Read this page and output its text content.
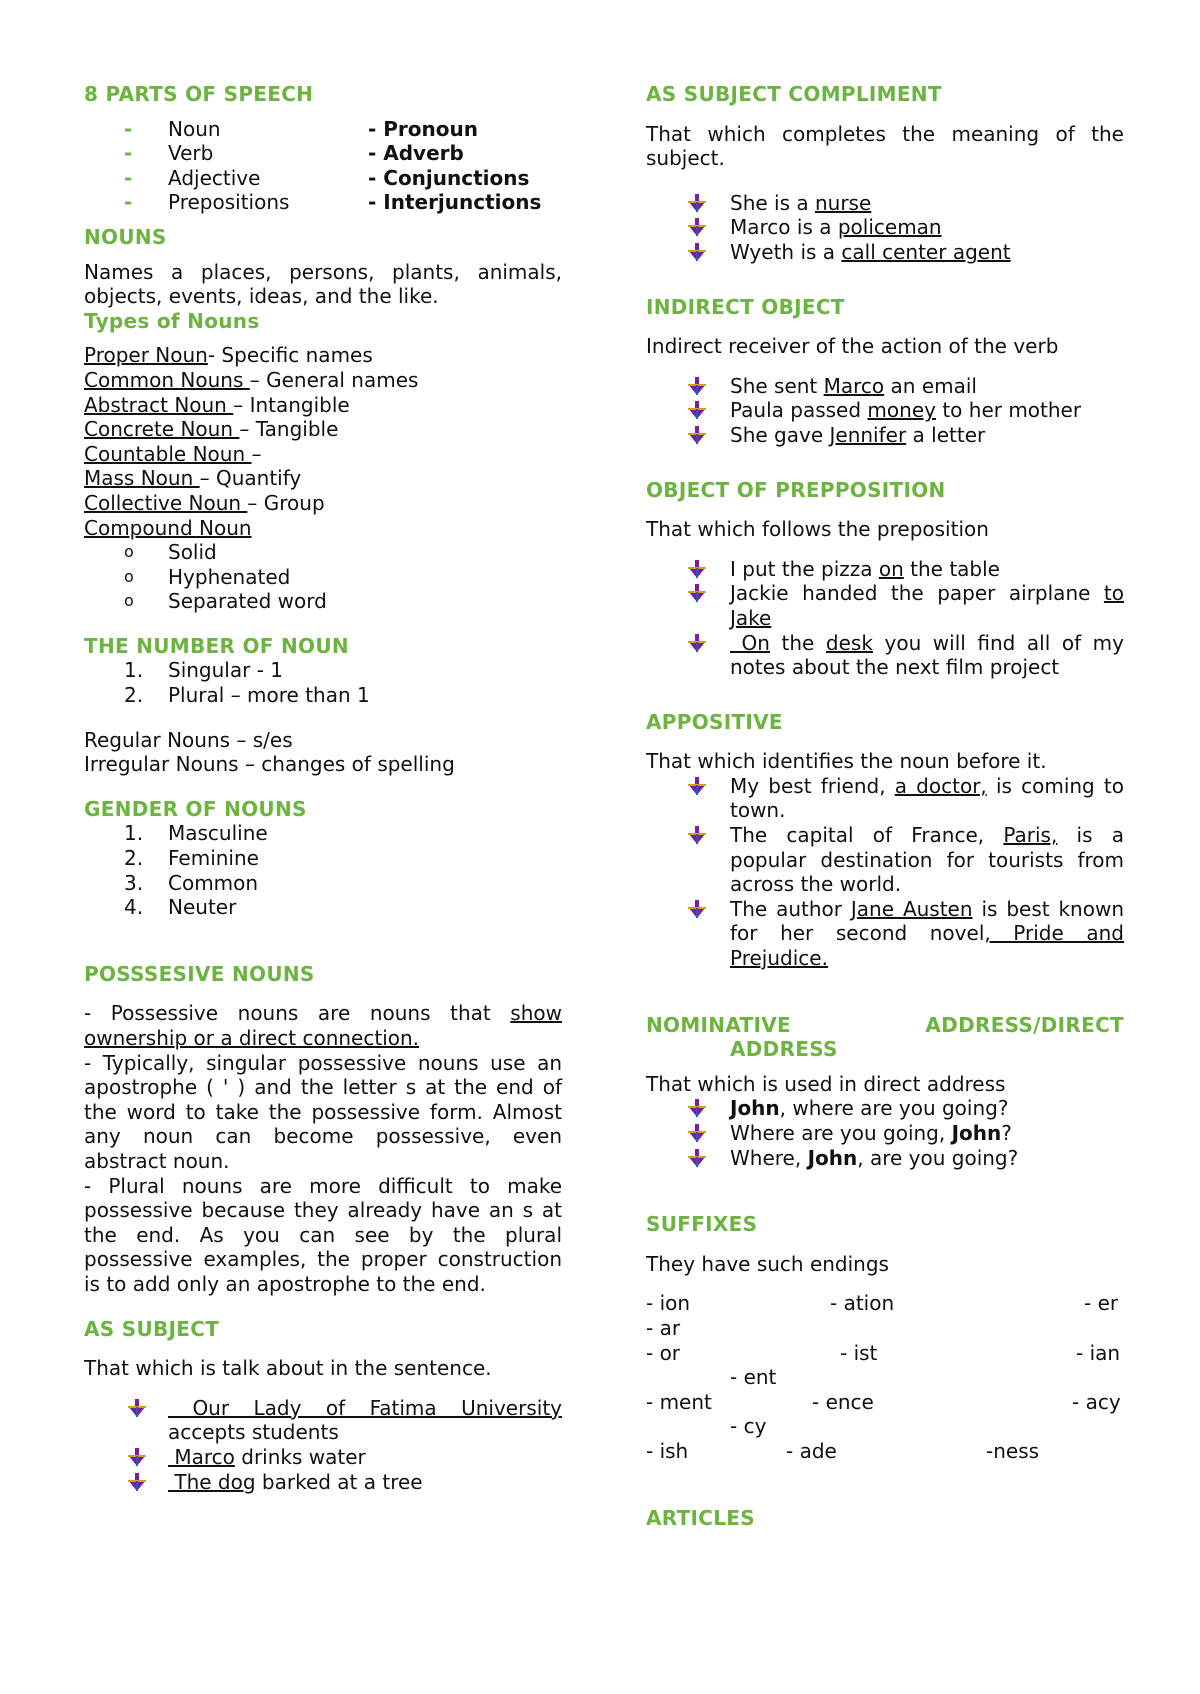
8 PARTS OF SPEECH
-	Noun	- Pronoun
-	Verb	- Adverb
-	Adjective	- Conjunctions
-	Prepositions	- Interjunctions
NOUNS

Names a places, persons, plants, animals, objects, events, ideas, and the like.

Types of Nouns
Proper Noun- Specific names
Common Nouns – General names
Abstract Noun – Intangible
Concrete Noun – Tangible
Countable Noun –
Mass Noun – Quantify
Collective Noun – Group
Compound Noun
o	Solid
o	Hyphenated
o	Separated word
THE NUMBER OF NOUN
1.	Singular - 1
2.	Plural – more than 1

Regular Nouns – s/es

Irregular Nouns – changes of spelling

GENDER OF NOUNS
1.	Masculine
2.	Feminine
3.	Common
4.	Neuter
POSSSESIVE NOUNS

- Possessive nouns are nouns that show ownership or a direct connection.

- Typically, singular possessive nouns use an apostrophe ( ' ) and the letter s at the end of the word to take the possessive form. Almost any noun can become possessive, even abstract noun.

- Plural nouns are more difficult to make possessive because they already have an s at the end. As you can see by the plural possessive examples, the proper construction is to add only an apostrophe to the end.

AS SUBJECT

That which is talk about in the sentence.

Our Lady of Fatima University
accepts students
Marco drinks water
The dog barked at a tree
AS SUBJECT COMPLIMENT

That which completes the meaning of the subject.

She is a nurse
Marco is a policeman
Wyeth is a call center agent
INDIRECT OBJECT

Indirect receiver of the action of the verb

She sent Marco an email
Paula passed money to her mother
She gave Jennifer a letter
OBJECT OF PREPPOSITION

That which follows the preposition

I put the pizza on the table
Jackie handed the paper airplane to Jake
On the desk you will find all of my notes about the next film project
APPOSITIVE

That which identifies the noun before it.

My best friend, a doctor, is coming to town.
The capital of France, Paris, is a popular destination for tourists from across the world.
The author Jane Austen is best known for her second novel, Pride and Prejudice.
NOMINATIVE	ADDRESS/DIRECT
ADDRESS

That which is used in direct address

John, where are you going?
Where are you going, John?
Where, John, are you going?
SUFFIXES

They have such endings

- ion	- ation	- er
- ar
- or	- ist	- ian
- ent
- ment	- ence	- acy
- cy
- ish	- ade	-ness
ARTICLES
